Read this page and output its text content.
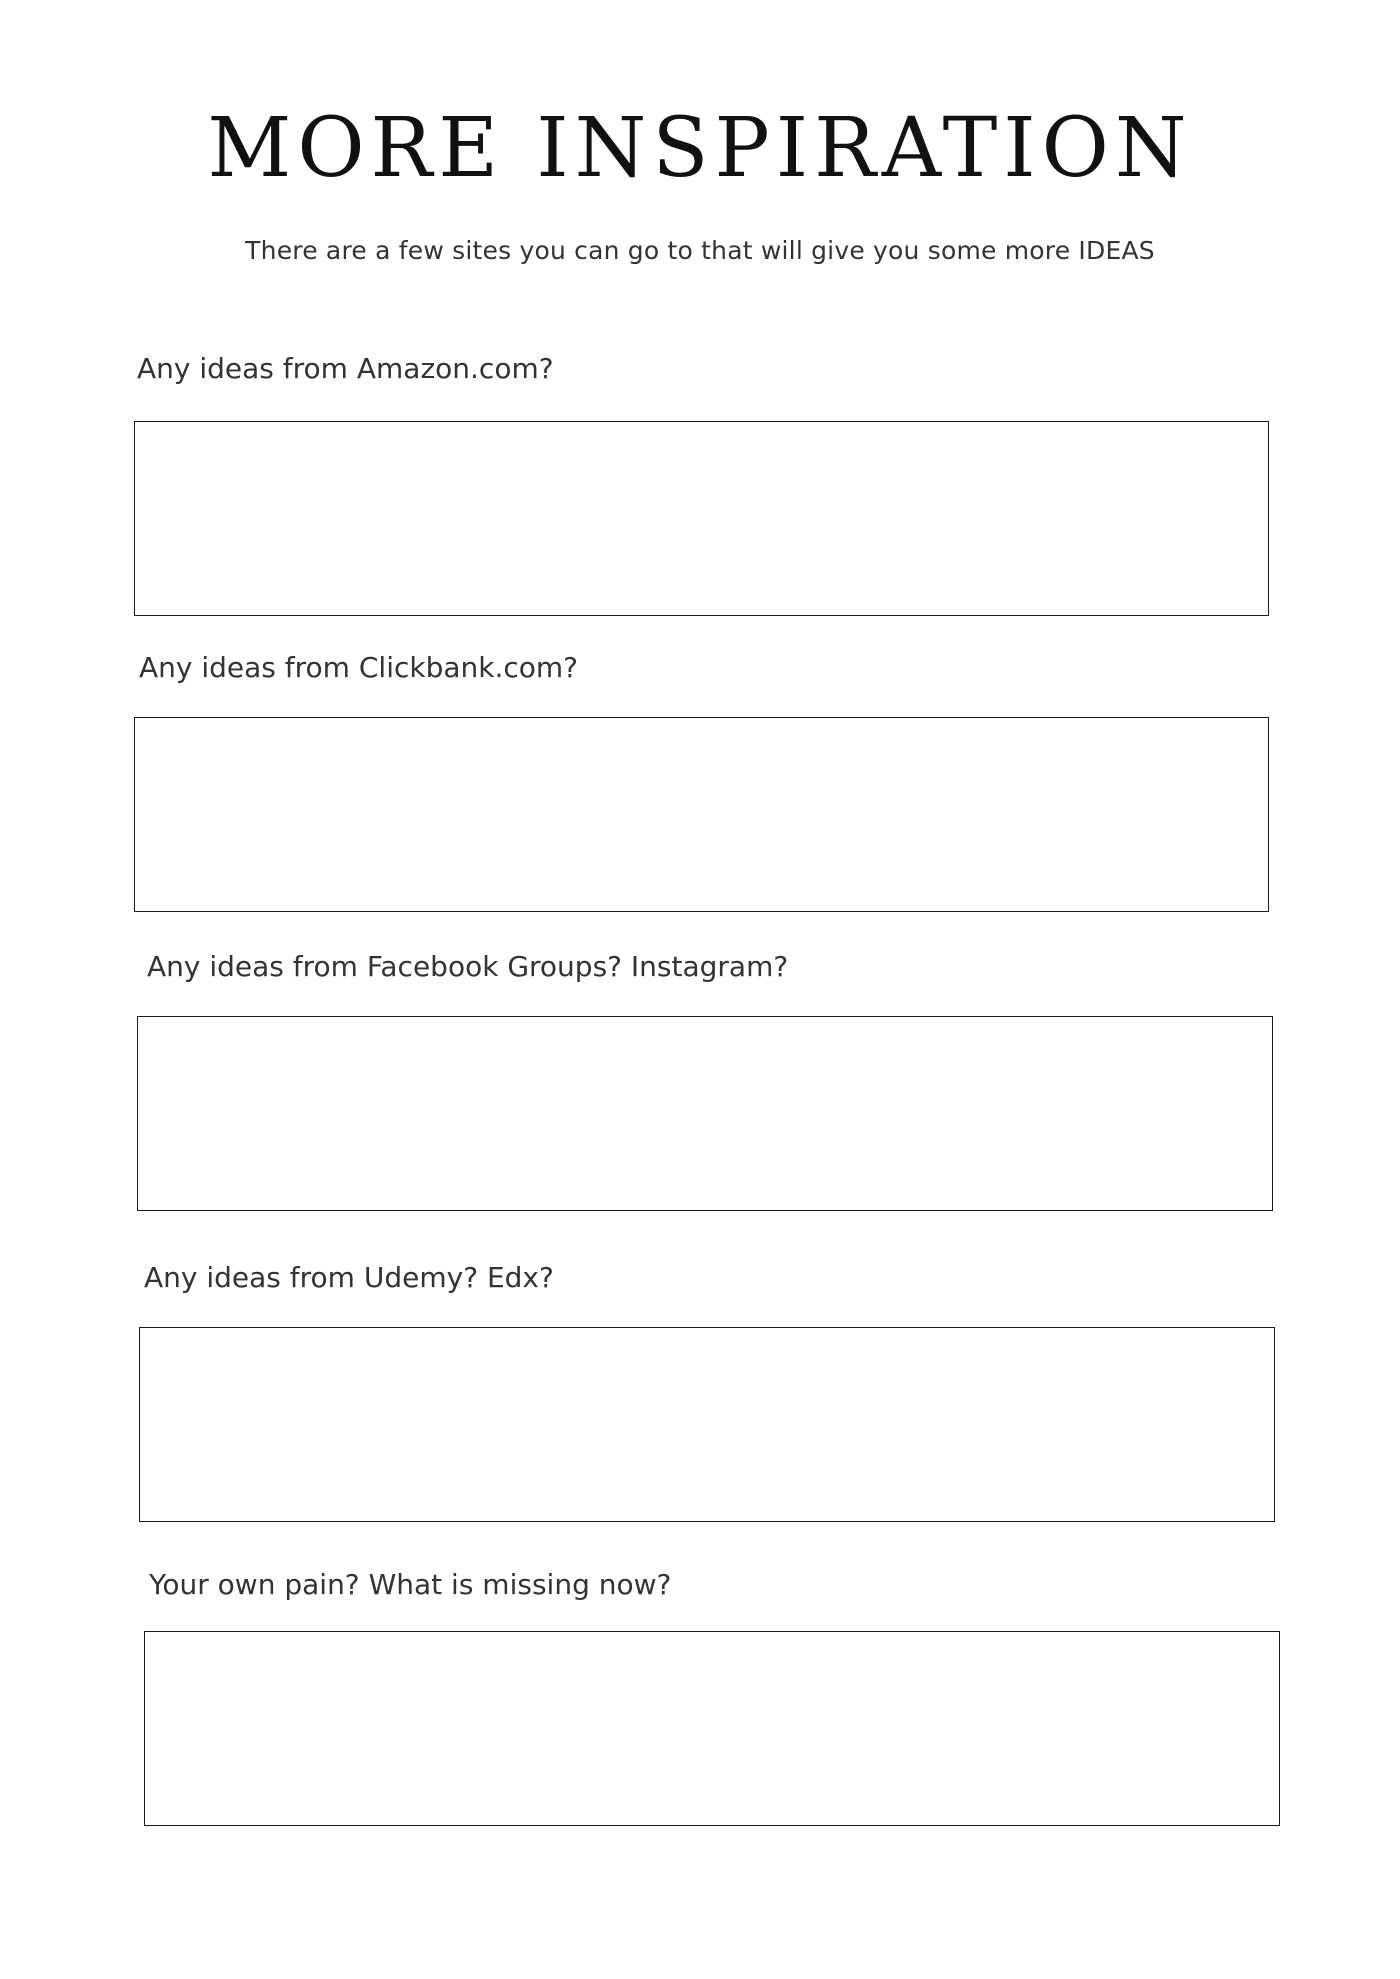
MORE INSPIRATION

There are a few sites you can go to that will give you some more IDEAS

Any ideas from Amazon.com?

Any ideas from Clickbank.com?

Any ideas from Facebook Groups? Instagram?

Any ideas from Udemy? Edx?

Your own pain? What is missing now?
